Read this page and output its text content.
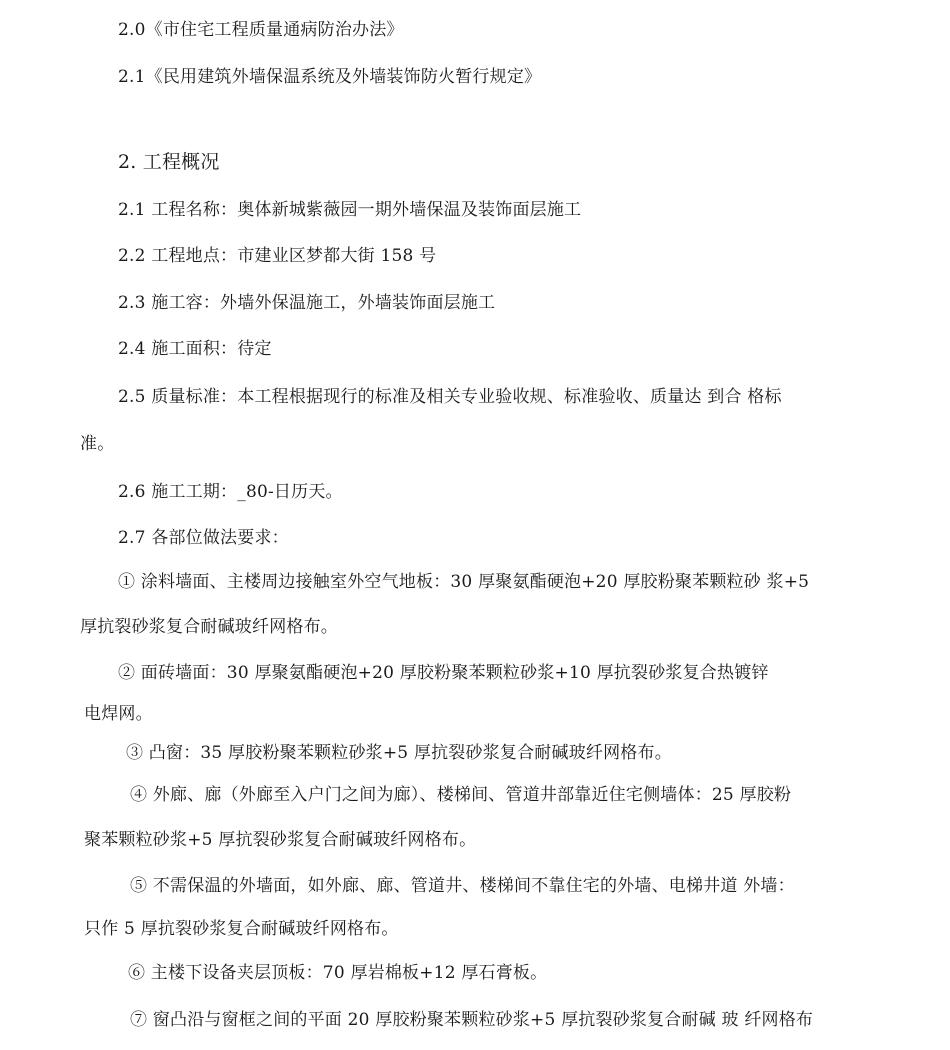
2.0《市住宅工程质量通病防治办法》
2.1《民用建筑外墙保温系统及外墙装饰防火暂行规定》
2. 工程概况
2.1 工程名称：奥体新城紫薇园一期外墙保温及装饰面层施工
2.2 工程地点：市建业区梦都大街 158 号
2.3 施工容：外墙外保温施工，外墙装饰面层施工
2.4 施工面积：待定
2.5 质量标准：本工程根据现行的标准及相关专业验收规、标准验收、质量达 到合 格标
准。
2.6 施工工期：_80-日历天。
2.7 各部位做法要求：
① 涂料墙面、主楼周边接触室外空气地板：30 厚聚氨酯硬泡+20 厚胶粉聚苯颗粒砂 浆+5
厚抗裂砂浆复合耐碱玻纤网格布。
② 面砖墙面：30 厚聚氨酯硬泡+20 厚胶粉聚苯颗粒砂浆+10 厚抗裂砂浆复合热镀锌
电焊网。
③ 凸窗：35 厚胶粉聚苯颗粒砂浆+5 厚抗裂砂浆复合耐碱玻纤网格布。
④ 外廊、廊（外廊至入户门之间为廊）、楼梯间、管道井部靠近住宅侧墙体：25 厚胶粉
聚苯颗粒砂浆+5 厚抗裂砂浆复合耐碱玻纤网格布。
⑤ 不需保温的外墙面，如外廊、廊、管道井、楼梯间不靠住宅的外墙、电梯井道 外墙：
只作 5 厚抗裂砂浆复合耐碱玻纤网格布。
⑥ 主楼下设备夹层顶板：70 厚岩棉板+12 厚石膏板。
⑦ 窗凸沿与窗框之间的平面 20 厚胶粉聚苯颗粒砂浆+5 厚抗裂砂浆复合耐碱 玻 纤网格布
